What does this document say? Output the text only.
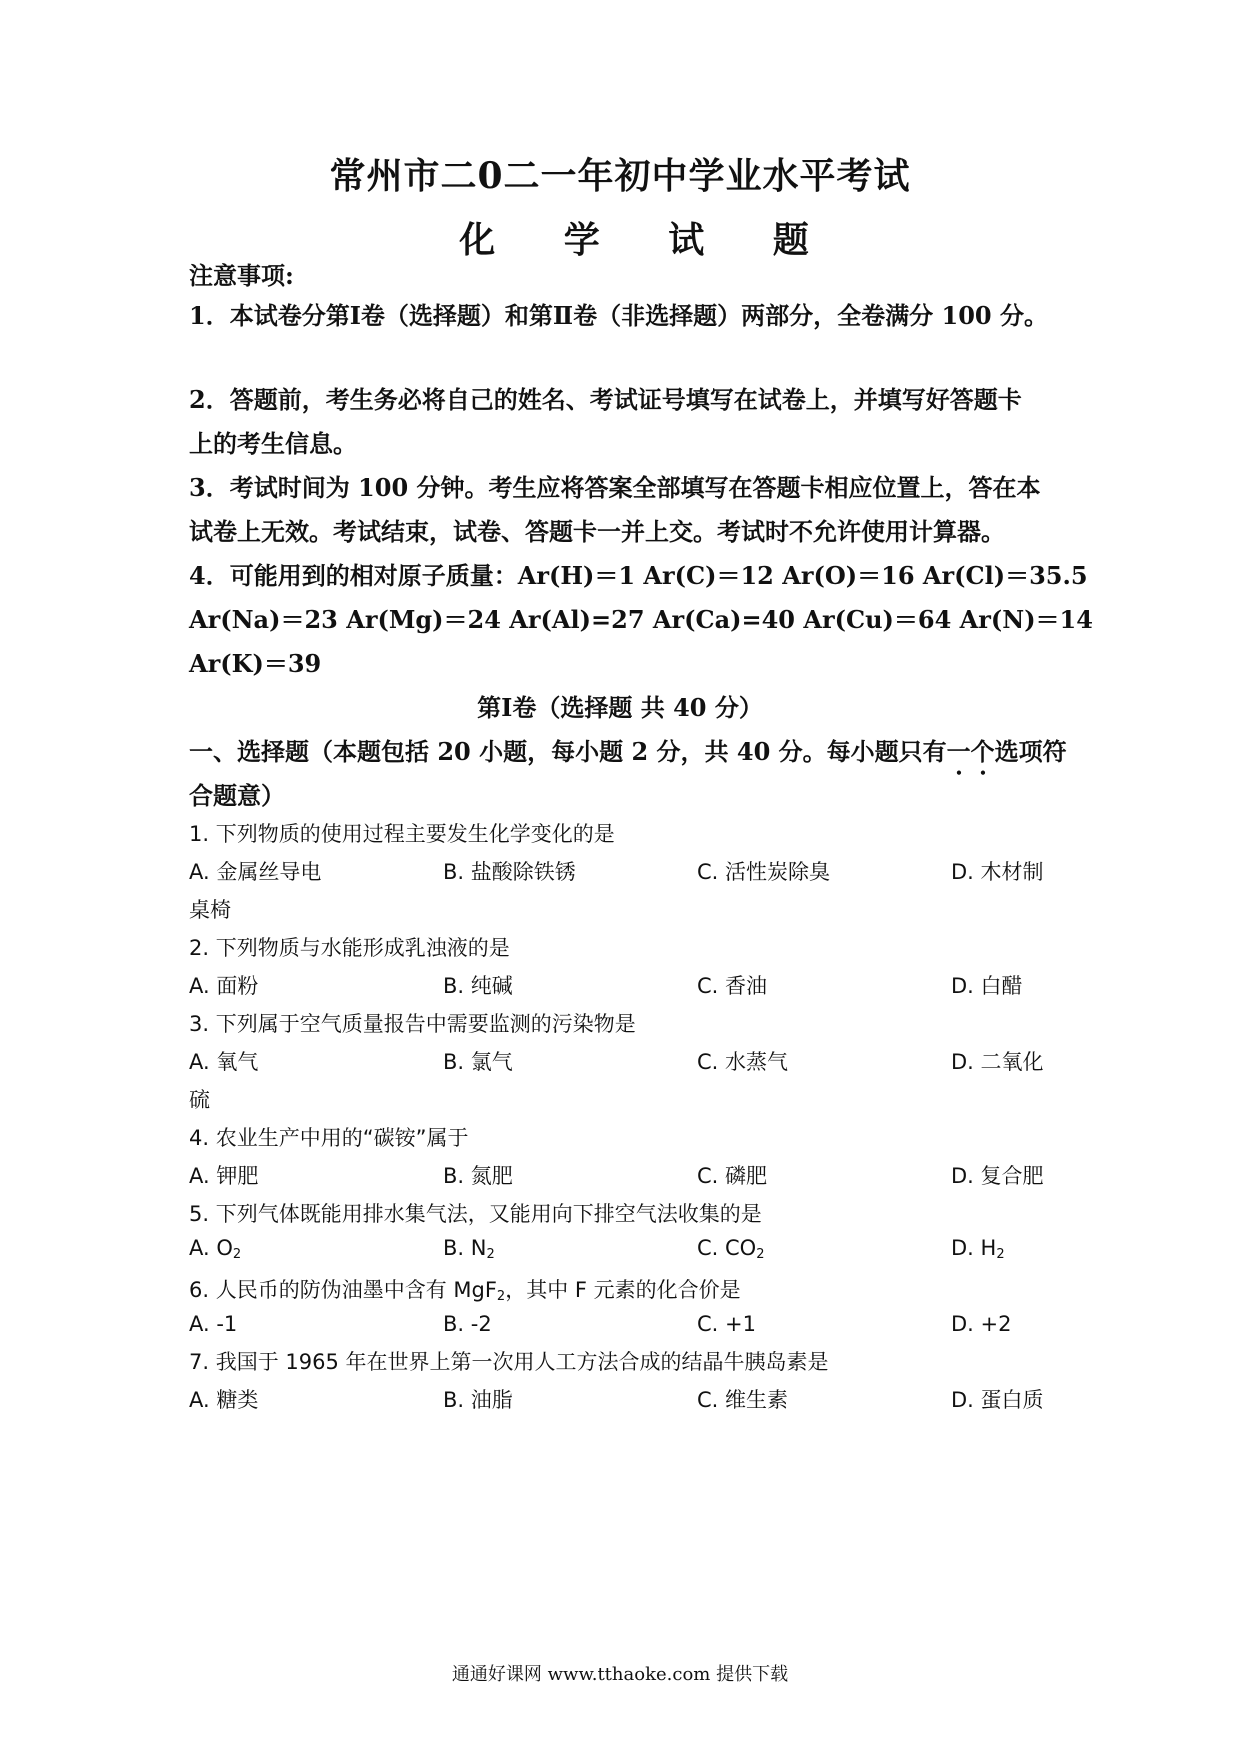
常州市二0二一年初中学业水平考试
化 学 试 题
注意事项:
1．本试卷分第Ⅰ卷（选择题）和第Ⅱ卷（非选择题）两部分，全卷满分 100 分。
2．答题前，考生务必将自己的姓名、考试证号填写在试卷上，并填写好答题卡
上的考生信息。
3．考试时间为 100 分钟。考生应将答案全部填写在答题卡相应位置上，答在本
试卷上无效。考试结束，试卷、答题卡一并上交。考试时不允许使用计算器。
4．可能用到的相对原子质量：Ar(H)＝1 Ar(C)＝12 Ar(O)＝16 Ar(Cl)＝35.5
Ar(Na)＝23 Ar(Mg)＝24 Ar(Al)=27 Ar(Ca)=40 Ar(Cu)＝64 Ar(N)＝14
Ar(K)＝39
第Ⅰ卷（选择题 共 40 分）
一、选择题（本题包括 20 小题，每小题 2 分，共 40 分。每小题只有一个选项符
合题意）
1. 下列物质的使用过程主要发生化学变化的是
A. 金属丝导电	B. 盐酸除铁锈	C. 活性炭除臭	D. 木材制
桌椅
2. 下列物质与水能形成乳浊液的是
A. 面粉	B. 纯碱	C. 香油	D. 白醋
3. 下列属于空气质量报告中需要监测的污染物是
A. 氧气	B. 氯气	C. 水蒸气	D. 二氧化
硫
4. 农业生产中用的“碳铵”属于
A. 钾肥	B. 氮肥	C. 磷肥	D. 复合肥
5. 下列气体既能用排水集气法，又能用向下排空气法收集的是
A. $O_2$	B. $N_2$	C. $CO_2$	D. $H_2$
6. 人民币的防伪油墨中含有 MgF$_2$，其中 F 元素的化合价是
A. -1	B. -2	C. +1	D. +2
7. 我国于 1965 年在世界上第一次用人工方法合成的结晶牛胰岛素是
A. 糖类	B. 油脂	C. 维生素	D. 蛋白质
通通好课网 www.tthaoke.com 提供下载
